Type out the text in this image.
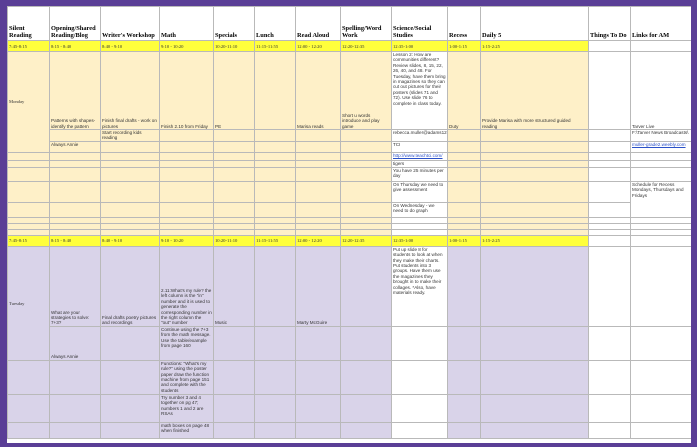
Silent Reading	Opening/Shared Reading/Blog	Writer's Workshop	Math	Specials	Lunch	Read Aloud	Spelling/Word Work	Science/Social Studies	Recess	Daily 5	Things To Do	Links for AM
7:45-8:15	8:15 - 8:40	8:40 - 9:10	9:10 - 10:20	10:20-11:10	11:15-11:55	12:00 - 12:20	12:20-12:35	12:35-1:00	1:00-1:15	1:15-2:25		
Monday	Patterns with shapes- identify the pattern	Finish final drafts - work on pictures	Finish 2.10 from Friday	PE		Marisa reads	Short u words introduce and play game	Lesson 2: How are communities different? Review slides, 8, 15, 22, 26, 40, and 48. For Tuesday, have them bring in magazines so they can cut out pictures for their posters (slides 71 and 72). Use slide 76 to complete in class today.	Duty	Provide Marisa with more structured guided reading		Tarver Live
		Start recording kids reading						rebecca.muller@adams12				F:\Tarver News Broadcasts\
	Always Annie							TCI				muller-grade2.weebly.com
								http://www.teachtci.com/				
								tigers				
								You have 25 minutes per day				
								On Thursday we need to give assessment				Schedule for Recess Mondays, Thursdays and Fridays
								On Wednesday - we need to do graph				

7:45-8:15	8:15 - 8:40	8:40 - 9:10	9:10 - 10:20	10:20-11:10	11:15-11:55	12:00 - 12:20	12:20-12:35	12:35-1:00	1:00-1:15	1:15-2:25		
Tuesday	What are your strategies to solve: 7+3?	Final drafts poetry pictures and recordings	2.11:What's my rule? the left column is the "in" number and it is used to generate the corresponding number in the right column the "out" number	Music		Marty McGuire		Put up slide 8 for students to look at when they make their charts. Put students into 3 groups. Have them use the magazines they brought in to make their collages. *Also, have materials ready.				
	Always Annie		Continue using the 7+3 from the math message. Use the table/example from page 160									
			Functions: "What's my rule?" using the poster paper draw the function machine from page 151 and complete with the students									
			Try number 3 and 4 together on pg 47; numbers 1 and 2 are RSAs									
			math boxes on page 48 when finished									
